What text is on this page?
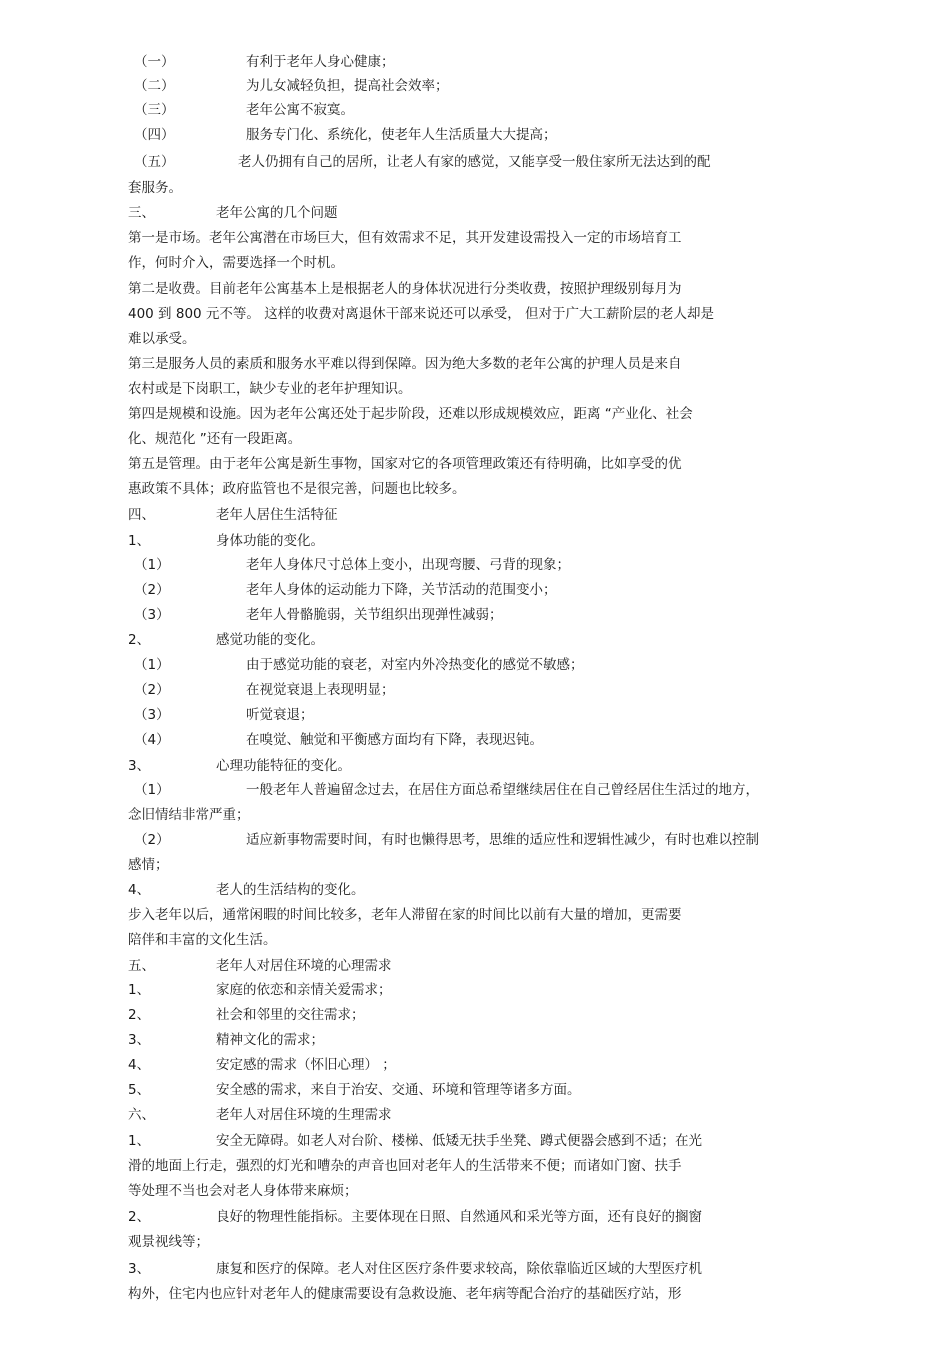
（一）	有利于老年人身心健康；
（二）	为儿女减轻负担，提高社会效率；
（三）	老年公寓不寂寞。
（四）	服务专门化、系统化，使老年人生活质量大大提高；
（五）	老人仍拥有自己的居所，让老人有家的感觉，又能享受一般住家所无法达到的配
套服务。
三、	老年公寓的几个问题
第一是市场。老年公寓潜在市场巨大，但有效需求不足，其开发建设需投入一定的市场培育工
作，何时介入，需要选择一个时机。
第二是收费。目前老年公寓基本上是根据老人的身体状况进行分类收费，按照护理级别每月为
400 到 800 元不等。 这样的收费对离退休干部来说还可以承受， 但对于广大工薪阶层的老人却是
难以承受。
第三是服务人员的素质和服务水平难以得到保障。因为绝大多数的老年公寓的护理人员是来自
农村或是下岗职工，缺少专业的老年护理知识。
第四是规模和设施。因为老年公寓还处于起步阶段，还难以形成规模效应，距离 “产业化、社会
化、规范化 ”还有一段距离。
第五是管理。由于老年公寓是新生事物，国家对它的各项管理政策还有待明确，比如享受的优
惠政策不具体；政府监管也不是很完善，问题也比较多。
四、	老年人居住生活特征
1、	身体功能的变化。
（1）	老年人身体尺寸总体上变小，出现弯腰、弓背的现象；
（2）	老年人身体的运动能力下降，关节活动的范围变小；
（3）	老年人骨骼脆弱，关节组织出现弹性减弱；
2、	感觉功能的变化。
（1）	由于感觉功能的衰老，对室内外冷热变化的感觉不敏感；
（2）	在视觉衰退上表现明显；
（3）	听觉衰退；
（4）	在嗅觉、触觉和平衡感方面均有下降，表现迟钝。
3、	心理功能特征的变化。
（1）	一般老年人普遍留念过去，在居住方面总希望继续居住在自己曾经居住生活过的地方，
念旧情结非常严重；
（2）	适应新事物需要时间，有时也懒得思考，思维的适应性和逻辑性减少，有时也难以控制
感情；
4、	老人的生活结构的变化。
步入老年以后，通常闲暇的时间比较多，老年人滞留在家的时间比以前有大量的增加，更需要
陪伴和丰富的文化生活。
五、	老年人对居住环境的心理需求
1、	家庭的依恋和亲情关爱需求；
2、	社会和邻里的交往需求；
3、	精神文化的需求；
4、	安定感的需求（怀旧心理） ；
5、	安全感的需求，来自于治安、交通、环境和管理等诸多方面。
六、	老年人对居住环境的生理需求
1、	安全无障碍。如老人对台阶、楼梯、低矮无扶手坐凳、蹲式便器会感到不适；在光
滑的地面上行走，强烈的灯光和嘈杂的声音也回对老年人的生活带来不便；而诸如门窗、扶手
等处理不当也会对老人身体带来麻烦；
2、	良好的物理性能指标。主要体现在日照、自然通风和采光等方面，还有良好的搁窗
观景视线等；
3、	康复和医疗的保障。老人对住区医疗条件要求较高，除依靠临近区域的大型医疗机
构外，住宅内也应针对老年人的健康需要设有急救设施、老年病等配合治疗的基础医疗站，形
